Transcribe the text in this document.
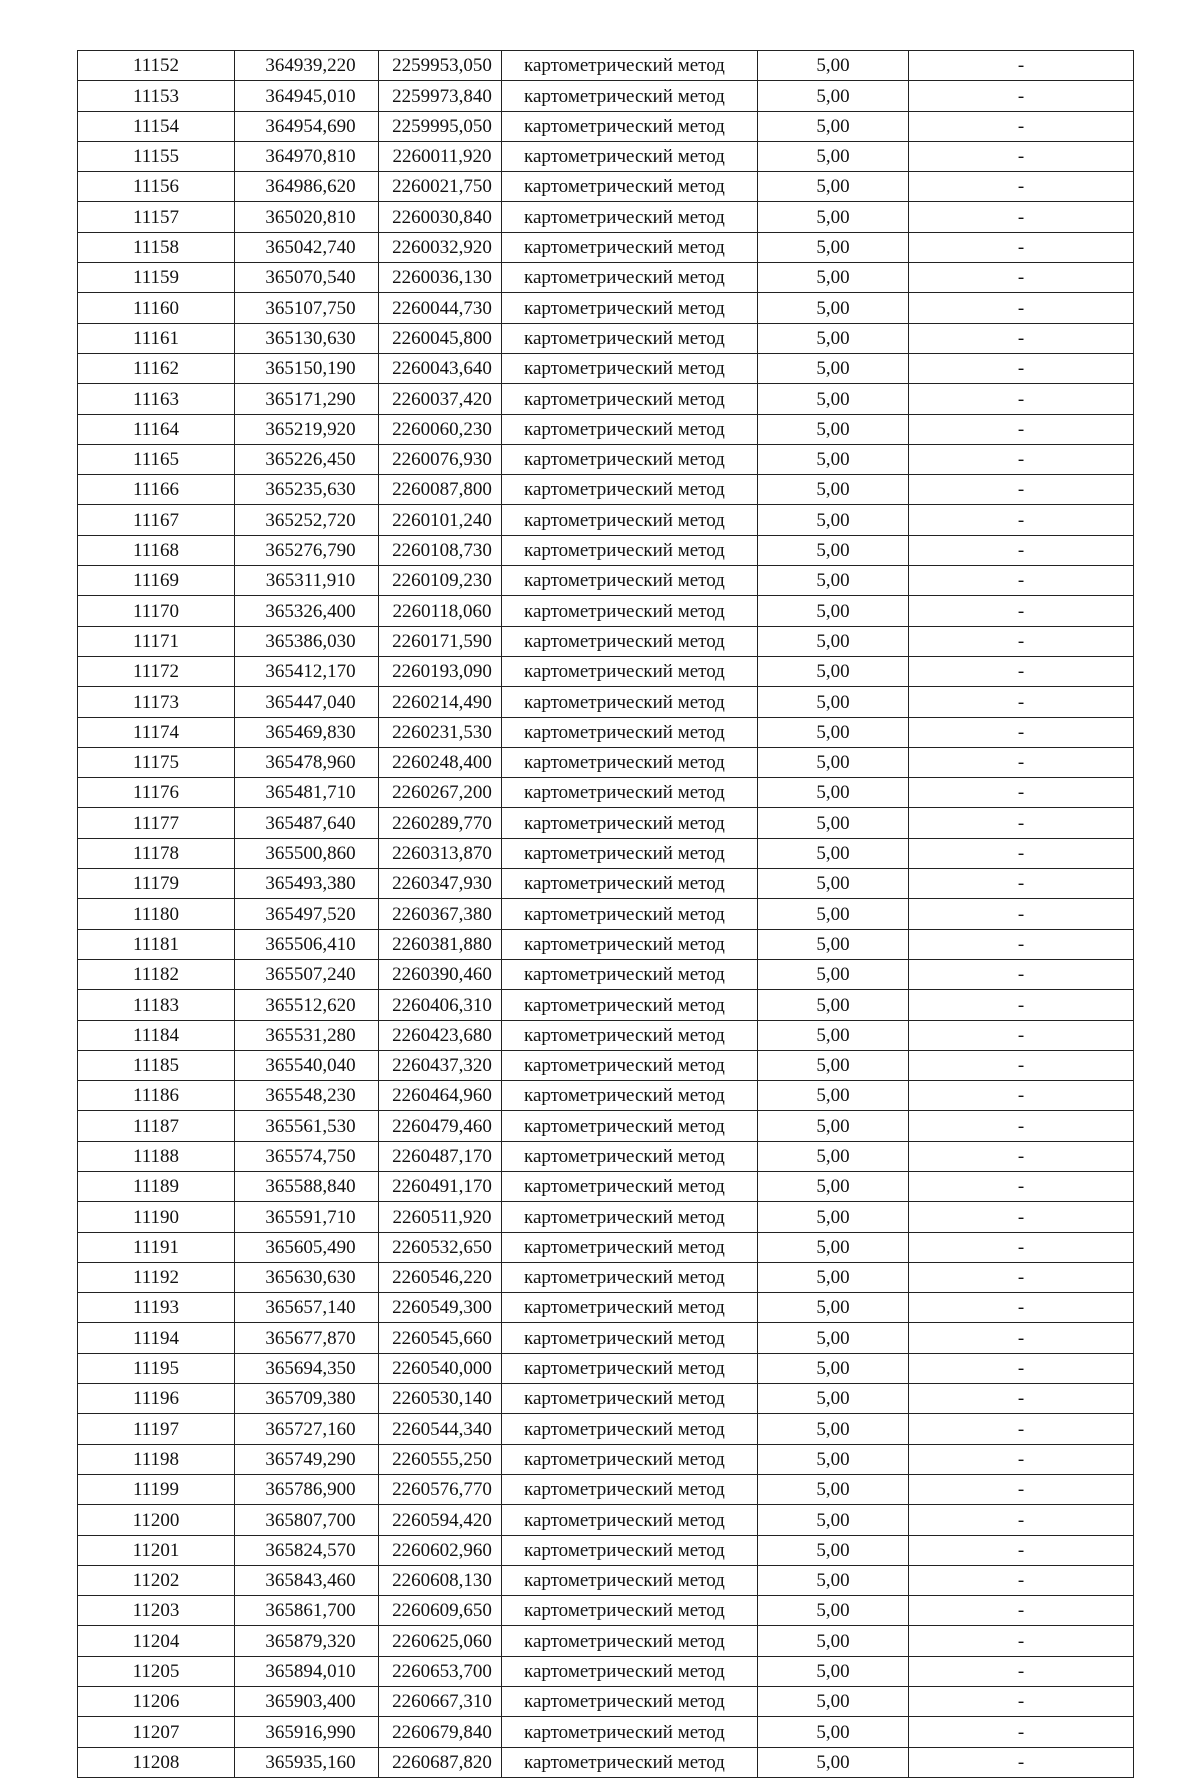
11152	364939,220	2259953,050	картометрический метод	5,00	-
11153	364945,010	2259973,840	картометрический метод	5,00	-
11154	364954,690	2259995,050	картометрический метод	5,00	-
11155	364970,810	2260011,920	картометрический метод	5,00	-
11156	364986,620	2260021,750	картометрический метод	5,00	-
11157	365020,810	2260030,840	картометрический метод	5,00	-
11158	365042,740	2260032,920	картометрический метод	5,00	-
11159	365070,540	2260036,130	картометрический метод	5,00	-
11160	365107,750	2260044,730	картометрический метод	5,00	-
11161	365130,630	2260045,800	картометрический метод	5,00	-
11162	365150,190	2260043,640	картометрический метод	5,00	-
11163	365171,290	2260037,420	картометрический метод	5,00	-
11164	365219,920	2260060,230	картометрический метод	5,00	-
11165	365226,450	2260076,930	картометрический метод	5,00	-
11166	365235,630	2260087,800	картометрический метод	5,00	-
11167	365252,720	2260101,240	картометрический метод	5,00	-
11168	365276,790	2260108,730	картометрический метод	5,00	-
11169	365311,910	2260109,230	картометрический метод	5,00	-
11170	365326,400	2260118,060	картометрический метод	5,00	-
11171	365386,030	2260171,590	картометрический метод	5,00	-
11172	365412,170	2260193,090	картометрический метод	5,00	-
11173	365447,040	2260214,490	картометрический метод	5,00	-
11174	365469,830	2260231,530	картометрический метод	5,00	-
11175	365478,960	2260248,400	картометрический метод	5,00	-
11176	365481,710	2260267,200	картометрический метод	5,00	-
11177	365487,640	2260289,770	картометрический метод	5,00	-
11178	365500,860	2260313,870	картометрический метод	5,00	-
11179	365493,380	2260347,930	картометрический метод	5,00	-
11180	365497,520	2260367,380	картометрический метод	5,00	-
11181	365506,410	2260381,880	картометрический метод	5,00	-
11182	365507,240	2260390,460	картометрический метод	5,00	-
11183	365512,620	2260406,310	картометрический метод	5,00	-
11184	365531,280	2260423,680	картометрический метод	5,00	-
11185	365540,040	2260437,320	картометрический метод	5,00	-
11186	365548,230	2260464,960	картометрический метод	5,00	-
11187	365561,530	2260479,460	картометрический метод	5,00	-
11188	365574,750	2260487,170	картометрический метод	5,00	-
11189	365588,840	2260491,170	картометрический метод	5,00	-
11190	365591,710	2260511,920	картометрический метод	5,00	-
11191	365605,490	2260532,650	картометрический метод	5,00	-
11192	365630,630	2260546,220	картометрический метод	5,00	-
11193	365657,140	2260549,300	картометрический метод	5,00	-
11194	365677,870	2260545,660	картометрический метод	5,00	-
11195	365694,350	2260540,000	картометрический метод	5,00	-
11196	365709,380	2260530,140	картометрический метод	5,00	-
11197	365727,160	2260544,340	картометрический метод	5,00	-
11198	365749,290	2260555,250	картометрический метод	5,00	-
11199	365786,900	2260576,770	картометрический метод	5,00	-
11200	365807,700	2260594,420	картометрический метод	5,00	-
11201	365824,570	2260602,960	картометрический метод	5,00	-
11202	365843,460	2260608,130	картометрический метод	5,00	-
11203	365861,700	2260609,650	картометрический метод	5,00	-
11204	365879,320	2260625,060	картометрический метод	5,00	-
11205	365894,010	2260653,700	картометрический метод	5,00	-
11206	365903,400	2260667,310	картометрический метод	5,00	-
11207	365916,990	2260679,840	картометрический метод	5,00	-
11208	365935,160	2260687,820	картометрический метод	5,00	-
